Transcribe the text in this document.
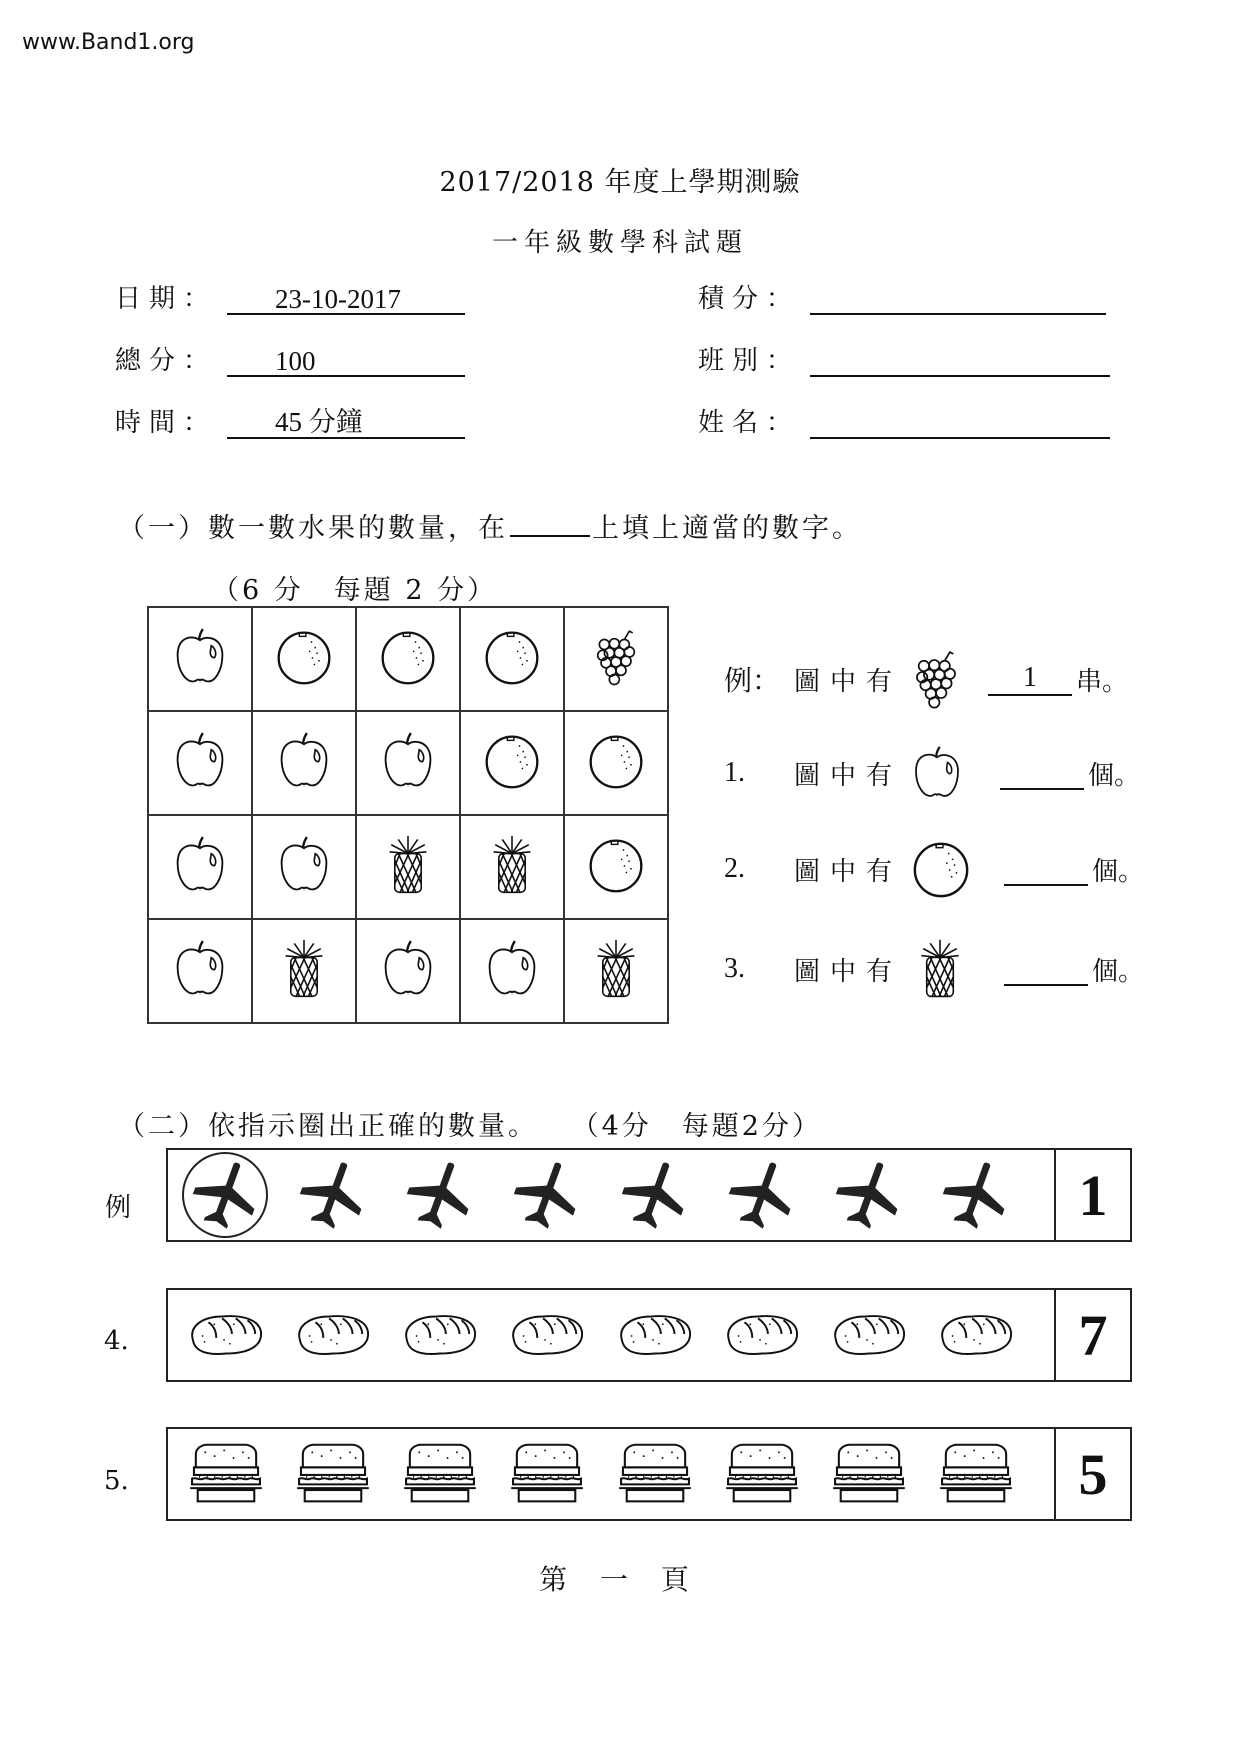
www.Band1.org
2017/2018 年度上學期測驗
一年級數學科試題
日期： 23-10-2017
總分： 100
時間： 45 分鐘
積分：
班別：
姓名：
（一）數一數水果的數量，在	上填上適當的數字。
（6 分　每題 2 分）

例： 圖中有	1	串。
1.	圖中有	個。
2.	圖中有	個。
3.	圖中有	個。
（二）依指示圈出正確的數量。 （4分　每題2分）
例	1
4.	7
5.	5
第 一 頁
